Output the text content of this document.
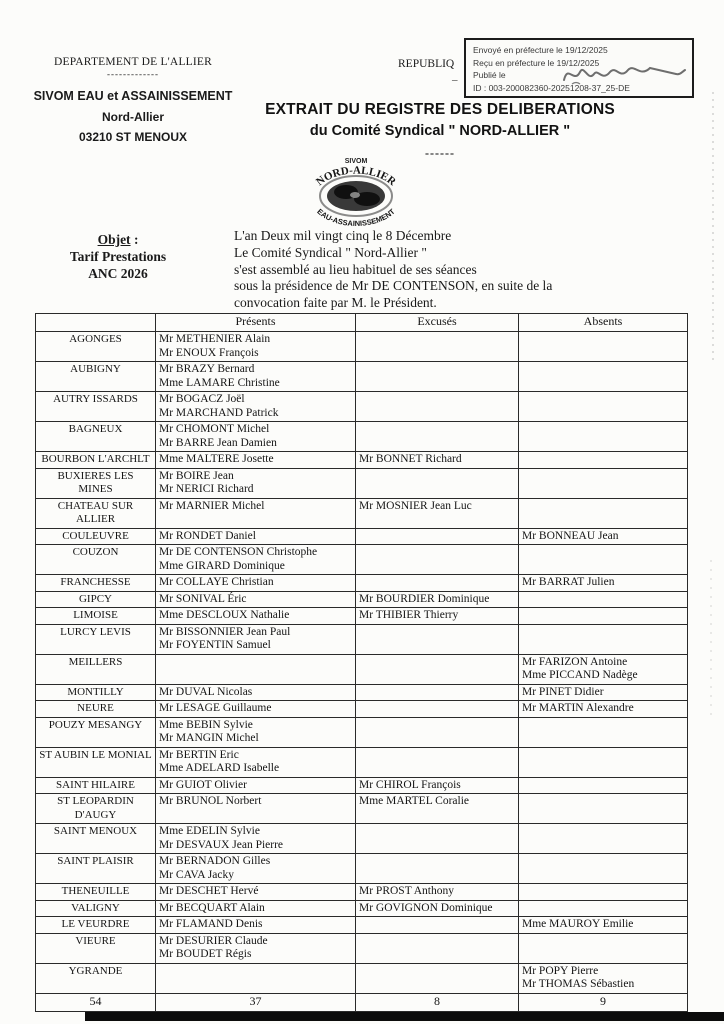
DEPARTEMENT DE L'ALLIER
-------------
SIVOM EAU et ASSAINISSEMENT
Nord-Allier
03210 ST MENOUX
REPUBLIQ
–
Envoyé en préfecture le 19/12/2025
Reçu en préfecture le 19/12/2025
Publié le
ID : 003-200082360-20251208-37_25-DE
EXTRAIT DU REGISTRE DES DELIBERATIONS
du Comité Syndical " NORD-ALLIER "
------
SIVOM
NORD-ALLIER
EAU-ASSAINISSEMENT
Objet :
Tarif Prestations
ANC 2026
L'an Deux mil vingt cinq le 8 Décembre
Le Comité Syndical " Nord-Allier "
s'est assemblé au lieu habituel de ses séances
sous la présidence de Mr DE CONTENSON, en suite de la
convocation faite par M. le Président.
	Présents	Excusés	Absents
AGONGES	Mr METHENIER Alain
Mr ENOUX François		

AUBIGNY	Mr BRAZY Bernard
Mme LAMARE Christine		

AUTRY ISSARDS	Mr BOGACZ Joël
Mr MARCHAND Patrick		

BAGNEUX	Mr CHOMONT Michel
Mr BARRE Jean Damien		

BOURBON L'ARCHLT	Mme MALTERE Josette	Mr BONNET Richard	

BUXIERES LES MINES	Mr BOIRE Jean
Mr NERICI Richard		

CHATEAU SUR ALLIER	Mr MARNIER Michel	Mr MOSNIER Jean Luc	

COULEUVRE	Mr RONDET Daniel		Mr BONNEAU Jean

COUZON	Mr DE CONTENSON Christophe
Mme GIRARD Dominique		

FRANCHESSE	Mr COLLAYE Christian		Mr BARRAT Julien

GIPCY	Mr SONIVAL Éric	Mr BOURDIER Dominique	

LIMOISE	Mme DESCLOUX Nathalie	Mr THIBIER Thierry	

LURCY LEVIS	Mr BISSONNIER Jean Paul
Mr FOYENTIN Samuel		

MEILLERS			Mr FARIZON Antoine
Mme PICCAND Nadège

MONTILLY	Mr DUVAL Nicolas		Mr PINET Didier

NEURE	Mr LESAGE Guillaume		Mr MARTIN Alexandre

POUZY MESANGY	Mme BEBIN Sylvie
Mr MANGIN Michel		

ST AUBIN LE MONIAL	Mr BERTIN Eric
Mme ADELARD Isabelle		

SAINT HILAIRE	Mr GUIOT Olivier	Mr CHIROL François	

ST LEOPARDIN D'AUGY	Mr BRUNOL Norbert	Mme MARTEL Coralie	

SAINT MENOUX	Mme EDELIN Sylvie
Mr DESVAUX Jean Pierre		

SAINT PLAISIR	Mr BERNADON Gilles
Mr CAVA Jacky		

THENEUILLE	Mr DESCHET Hervé	Mr PROST Anthony	

VALIGNY	Mr BECQUART Alain	Mr GOVIGNON Dominique	

LE VEURDRE	Mr FLAMAND Denis		Mme MAUROY Emilie

VIEURE	Mr DESURIER Claude
Mr BOUDET Régis		

YGRANDE			Mr POPY Pierre
Mr THOMAS Sébastien

54	37	8	9
